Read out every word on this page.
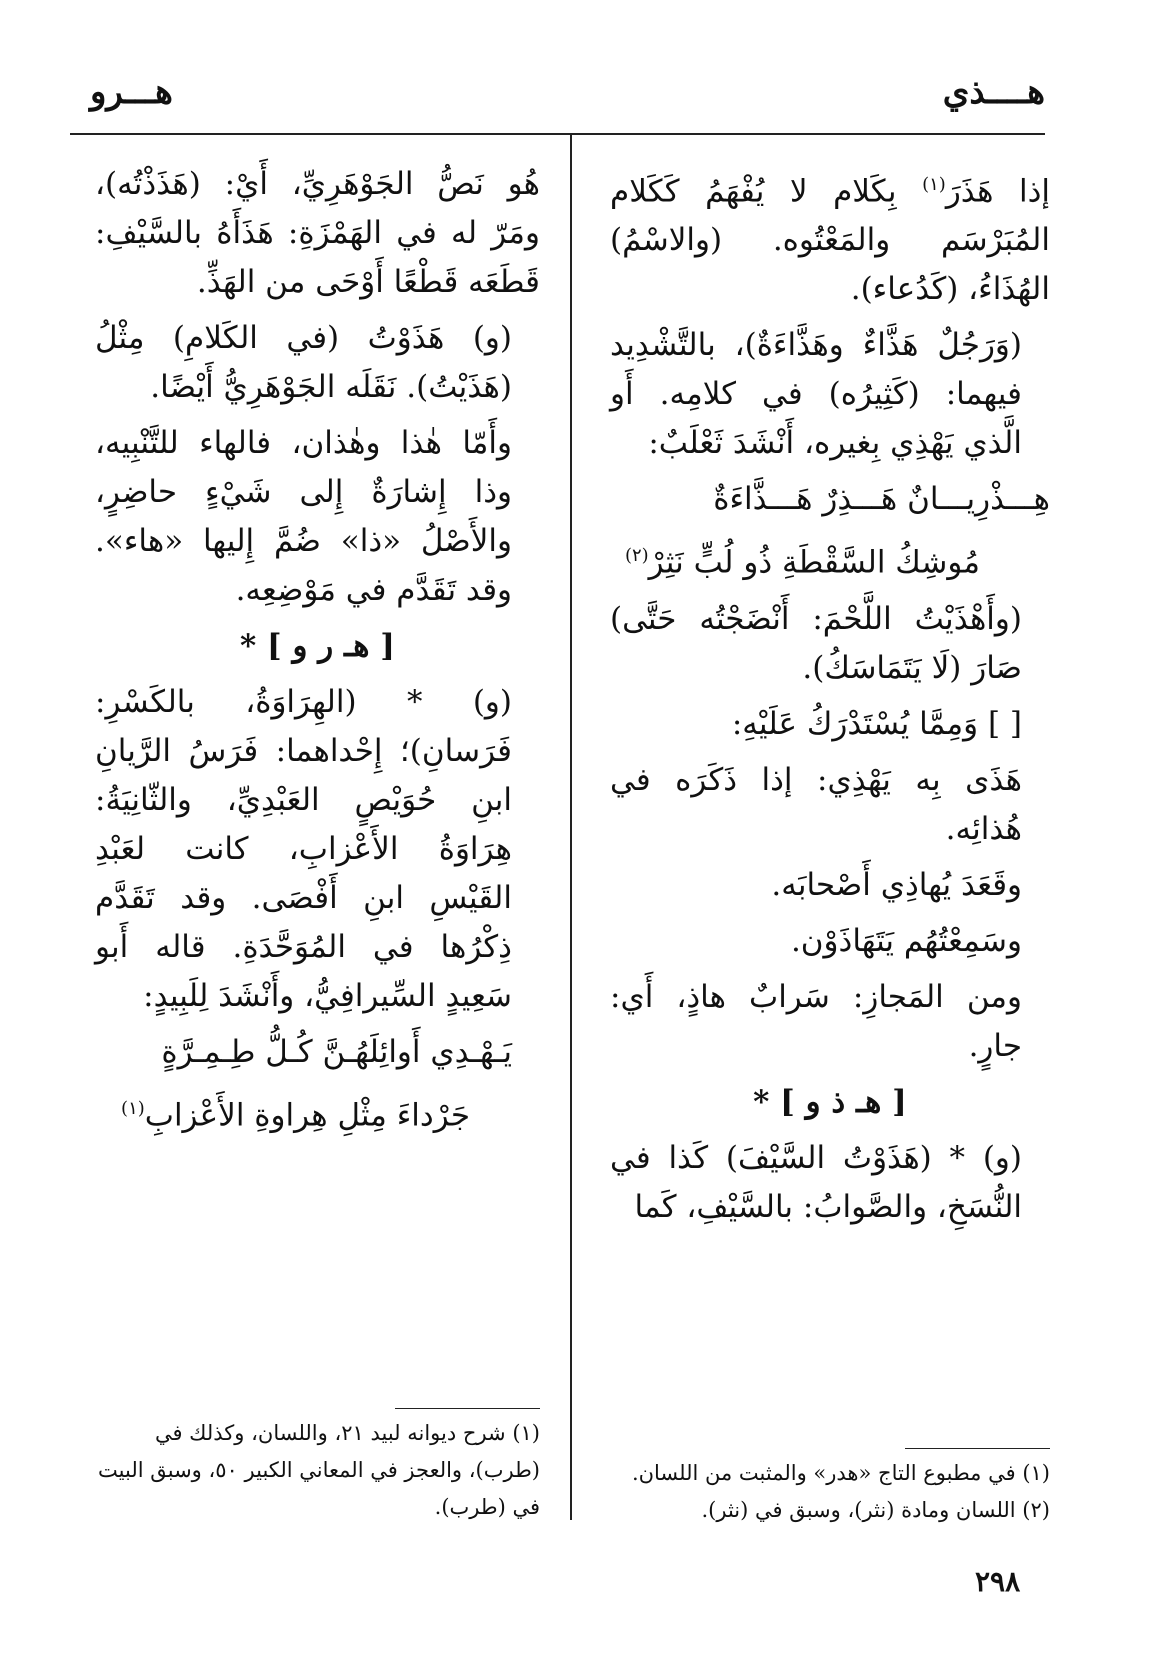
هــــذي
هـــرو

إذا هَذَرَ$^{(١)}$ بِكَلام لا يُفْهَمُ كَكَلام المُبَرْسَم والمَعْتُوه. (والاسْمُ) الهُذَاءُ، (كَدُعاء).

(وَرَجُلٌ هَذَّاءٌ وهَذَّاءَةٌ)، بالتَّشْدِيد فيهما: (كَثِيرُه) في كلامِه. أَو الَّذي يَهْذِي بِغيره، أَنْشَدَ ثَعْلَبٌ:

هِـــذْرِيـــانٌ هَـــذِرٌ هَـــذَّاءَةٌ

مُوشِكُ السَّقْطَةِ ذُو لُبٍّ نَثِرْ$^{(٢)}$

(وأَهْذَيْتُ اللَّحْمَ: أَنْضَجْتُه حَتَّى) صَارَ (لَا يَتَمَاسَكُ).

[ ] وَمِمَّا يُسْتَدْرَكُ عَلَيْهِ:

هَذَى بِه يَهْذِي: إذا ذَكَرَه في هُذائِه.

وقَعَدَ يُهاذِي أَصْحابَه.

وسَمِعْتُهُم يَتَهَاذَوْن.

ومن المَجازِ: سَرابٌ هاذٍ، أَي: جارٍ.

[ هـ ذ و ] *

(و) * (هَذَوْتُ السَّيْفَ) كَذا في النُّسَخِ، والصَّوابُ: بالسَّيْفِ، كَما

هُو نَصُّ الجَوْهَرِيِّ، أَيْ: (هَذَذْتُه)، ومَرّ له في الهَمْزَةِ: هَذَأَهُ بالسَّيْفِ: قَطَعَه قَطْعًا أَوْحَى من الهَذِّ.

(و) هَذَوْتُ (في الكَلامِ) مِثْلُ (هَذَيْتُ). نَقَلَه الجَوْهَرِيُّ أَيْضًا.

وأَمّا هٰذا وهٰذان، فالهاء للتَّنْبِيه، وذا إِشارَةٌ إِلى شَيْءٍ حاضِرٍ، والأَصْلُ «ذا» ضُمَّ إِليها «هاء». وقد تَقَدَّم في مَوْضِعِه.

[ هـ ر و ] *

(و) * (الهِرَاوَةُ، بالكَسْرِ: فَرَسانِ)؛ إِحْداهما: فَرَسُ الرَّيانِ ابنِ حُوَيْصٍ العَبْدِيِّ، والثّانِيَةُ: هِرَاوَةُ الأَعْزابِ، كانت لعَبْدِ القَيْسِ ابنِ أَفْصَى. وقد تَقَدَّم ذِكْرُها في المُوَحَّدَةِ. قاله أَبو سَعِيدٍ السِّيرافِيُّ، وأَنْشَدَ لِلَبِيدٍ:

يَـهْـدِي أَوائِلَهُـنَّ كُـلُّ طِـمِـرَّةٍ

جَرْداءَ مِثْلِ هِراوةِ الأَعْزابِ$^{(١)}$

(١) في مطبوع التاج «هدر» والمثبت من اللسان.
(٢) اللسان ومادة (نثر)، وسبق في (نثر).
(١) شرح ديوانه لبيد ٢١، واللسان، وكذلك في (طرب)، والعجز في المعاني الكبير ٥٠، وسبق البيت في (طرب).
٢٩٨
